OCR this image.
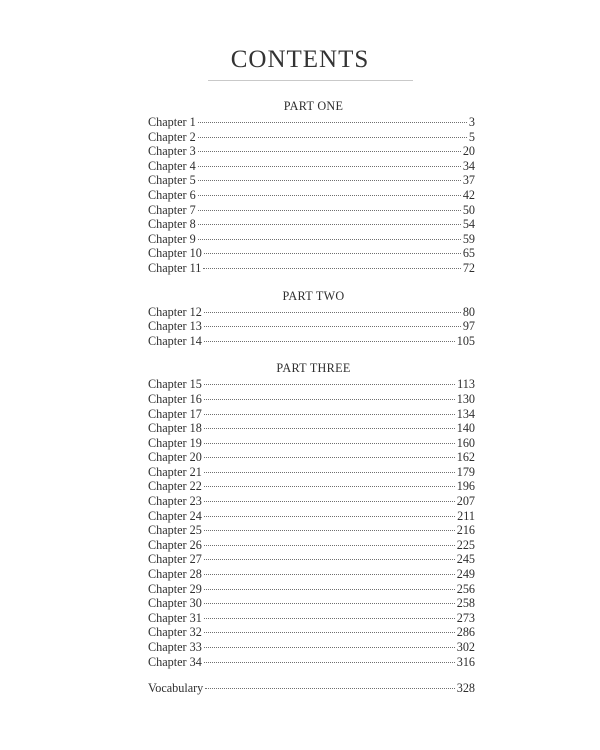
CONTENTS
PART ONE
Chapter 1	3
Chapter 2	5
Chapter 3	20
Chapter 4	34
Chapter 5	37
Chapter 6	42
Chapter 7	50
Chapter 8	54
Chapter 9	59
Chapter 10	65
Chapter 11	72
PART TWO
Chapter 12	80
Chapter 13	97
Chapter 14	105
PART THREE
Chapter 15	113
Chapter 16	130
Chapter 17	134
Chapter 18	140
Chapter 19	160
Chapter 20	162
Chapter 21	179
Chapter 22	196
Chapter 23	207
Chapter 24	211
Chapter 25	216
Chapter 26	225
Chapter 27	245
Chapter 28	249
Chapter 29	256
Chapter 30	258
Chapter 31	273
Chapter 32	286
Chapter 33	302
Chapter 34	316
Vocabulary	328
